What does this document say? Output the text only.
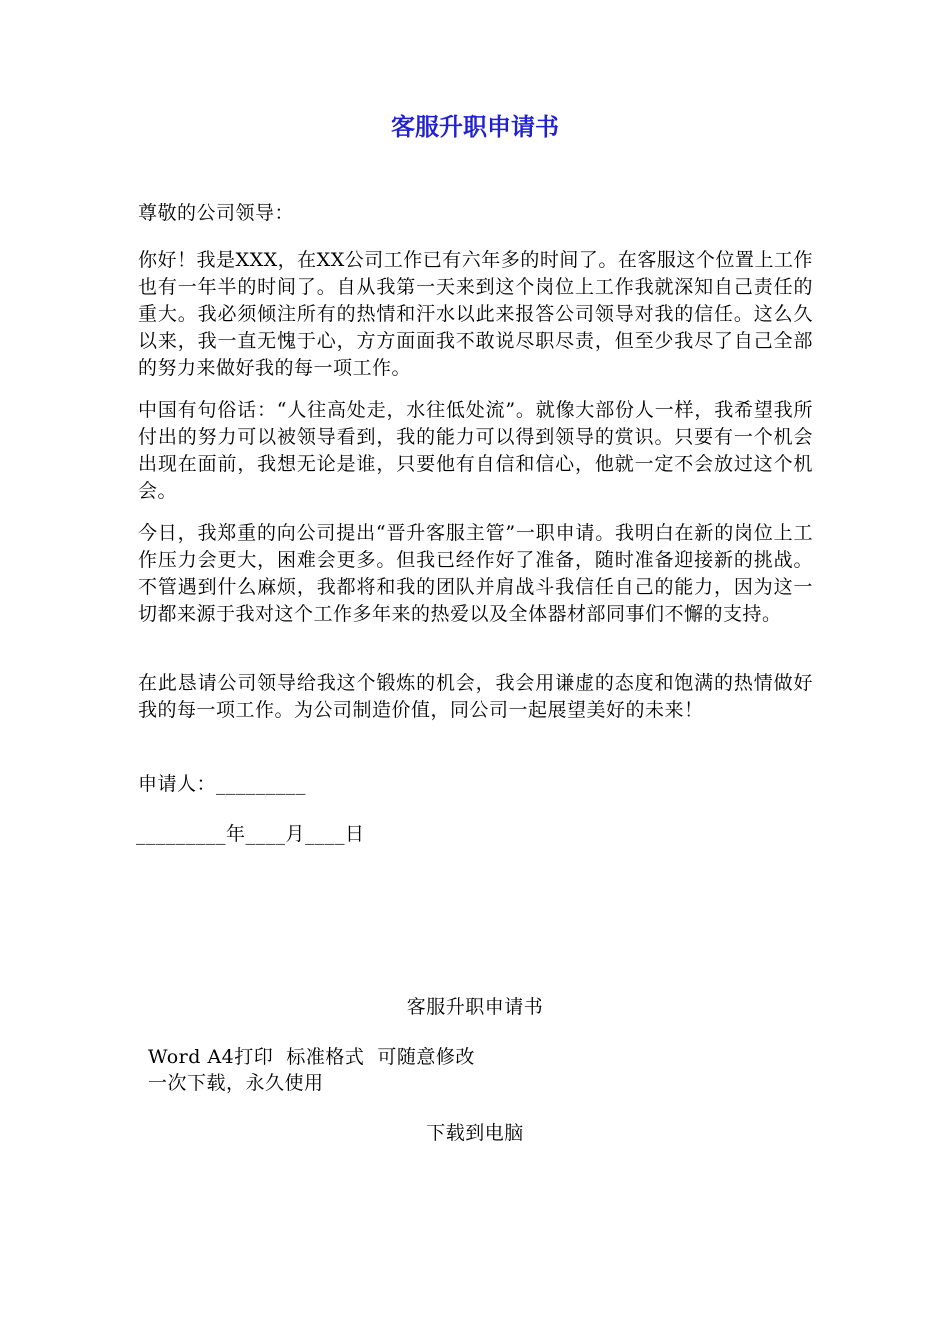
客服升职申请书

尊敬的公司领导：

你好！我是XXX，在XX公司工作已有六年多的时间了。在客服这个位置上工作也有一年半的时间了。自从我第一天来到这个岗位上工作我就深知自己责任的重大。我必须倾注所有的热情和汗水以此来报答公司领导对我的信任。这么久以来，我一直无愧于心，方方面面我不敢说尽职尽责，但至少我尽了自己全部的努力来做好我的每一项工作。

中国有句俗话：“人往高处走，水往低处流”。就像大部份人一样，我希望我所付出的努力可以被领导看到，我的能力可以得到领导的赏识。只要有一个机会出现在面前，我想无论是谁，只要他有自信和信心，他就一定不会放过这个机会。

今日，我郑重的向公司提出“晋升客服主管”一职申请。我明白在新的岗位上工作压力会更大，困难会更多。但我已经作好了准备，随时准备迎接新的挑战。不管遇到什么麻烦，我都将和我的团队并肩战斗我信任自己的能力，因为这一切都来源于我对这个工作多年来的热爱以及全体器材部同事们不懈的支持。

在此恳请公司领导给我这个锻炼的机会，我会用谦虚的态度和饱满的热情做好我的每一项工作。为公司制造价值，同公司一起展望美好的未来！

申请人：_________

_________年____月____日

客服升职申请书

Word A4打印  标准格式  可随意修改

一次下载，永久使用

下载到电脑
